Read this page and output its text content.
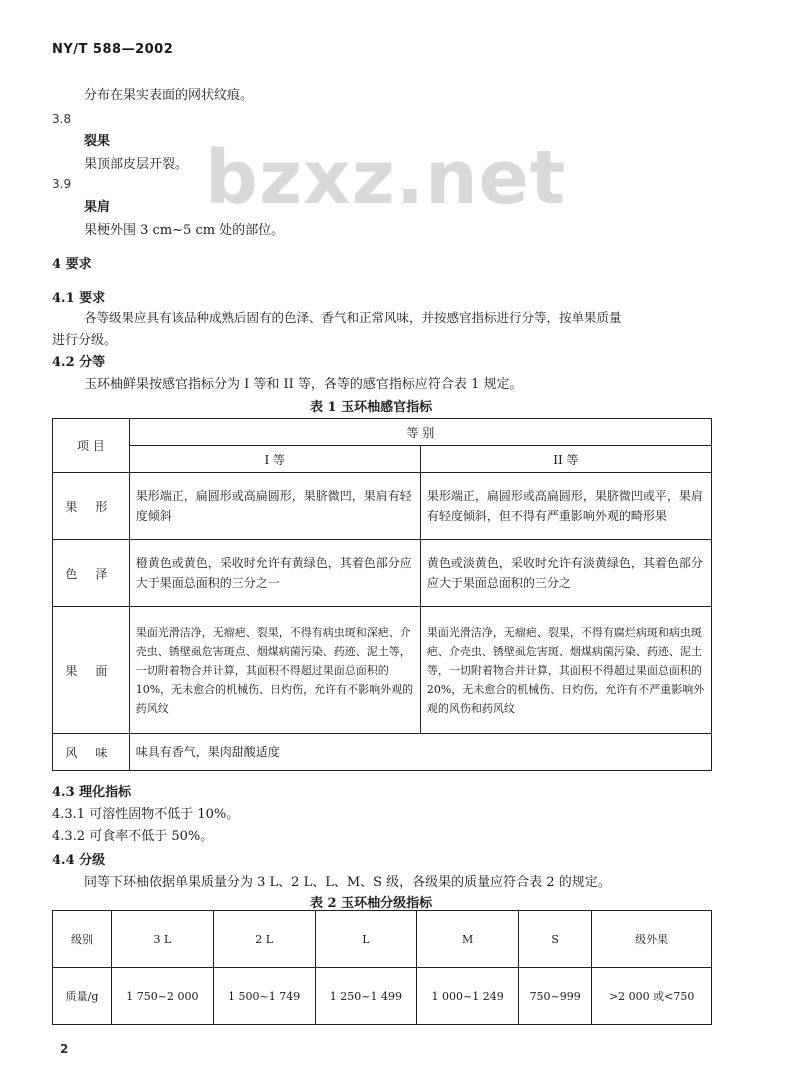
NY/T 588—2002
bzxz.net
分布在果实表面的网状纹痕。
3.8
裂果
果顶部皮层开裂。
3.9
果肩
果梗外围 3 cm~5 cm 处的部位。
4 要求
4.1 要求
各等级果应具有该品种成熟后固有的色泽、香气和正常风味，并按感官指标进行分等，按单果质量
进行分级。
4.2 分等
玉环柚鲜果按感官指标分为 I 等和 II 等，各等的感官指标应符合表 1 规定。
表 1 玉环柚感官指标
项 目	等 别	
	I 等	II 等
果形	果形端正，扁圆形或高扁圆形，果脐微凹，果肩有轻度倾斜	果形端正，扁圆形或高扁圆形，果脐微凹或平，果肩有轻度倾斜，但不得有严重影响外观的畸形果
色泽	橙黄色或黄色，采收时允许有黄绿色，其着色部分应大于果面总面积的三分之一	黄色或淡黄色，采收时允许有淡黄绿色，其着色部分应大于果面总面积的三分之
果面	果面光滑洁净，无瘤疤、裂果，不得有病虫斑和深疤、介壳虫、锈壁虱危害斑点、烟煤病菌污染、药迹、泥土等，一切附着物合并计算，其面积不得超过果面总面积的 10%，无未愈合的机械伤、日灼伤，允许有不影响外观的药风纹	果面光滑洁净，无瘤疤、裂果，不得有腐烂病斑和病虫斑疤、介壳虫、锈壁虱危害斑、烟煤病菌污染、药迹、泥土等，一切附着物合并计算，其面积不得超过果面总面积的 20%，无未愈合的机械伤、日灼伤，允许有不严重影响外观的风伤和药风纹
风味	味具有香气，果肉甜酸适度	
4.3 理化指标
4.3.1 可溶性固物不低于 10%。
4.3.2 可食率不低于 50%。
4.4 分级
同等下环柚依据单果质量分为 3 L、2 L、L、M、S 级，各级果的质量应符合表 2 的规定。
表 2 玉环柚分级指标
级别	3 L	2 L	L	M	S	级外果
质量/g	1 750~2 000	1 500~1 749	1 250~1 499	1 000~1 249	750~999	>2 000 或<750
2
